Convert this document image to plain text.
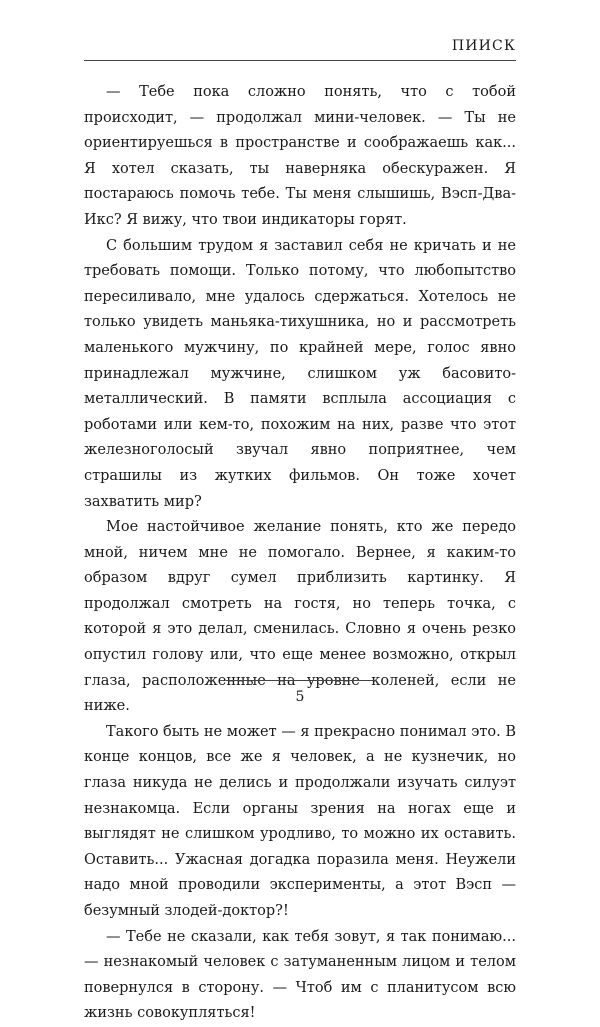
ПИИСК

— Тебе пока сложно понять, что с тобой происходит, — продолжал мини-человек. — Ты не ориентируешься в пространстве и соображаешь как... Я хотел сказать, ты наверняка обескуражен. Я постараюсь помочь тебе. Ты меня слышишь, Вэсп-Два-Икс? Я вижу, что твои индикаторы горят.

С большим трудом я заставил себя не кричать и не требовать помощи. Только потому, что любопытство пересиливало, мне удалось сдержаться. Хотелось не только увидеть маньяка-тихушника, но и рассмотреть маленького мужчину, по крайней мере, голос явно принадлежал мужчине, слишком уж басовито-металлический. В памяти всплыла ассоциация с роботами или кем-то, похожим на них, разве что этот железноголосый звучал явно поприятнее, чем страшилы из жутких фильмов. Он тоже хочет захватить мир?

Мое настойчивое желание понять, кто же передо мной, ничем мне не помогало. Вернее, я каким-то образом вдруг сумел приблизить картинку. Я продолжал смотреть на гостя, но теперь точка, с которой я это делал, сменилась. Словно я очень резко опустил голову или, что еще менее возможно, открыл глаза, расположенные на уровне коленей, если не ниже.

Такого быть не может — я прекрасно понимал это. В конце концов, все же я человек, а не кузнечик, но глаза никуда не делись и продолжали изучать силуэт незнакомца. Если органы зрения на ногах еще и выглядят не слишком уродливо, то можно их оставить. Оставить... Ужасная догадка поразила меня. Неужели надо мной проводили эксперименты, а этот Вэсп — безумный злодей-доктор?!

— Тебе не сказали, как тебя зовут, я так понимаю... — незнакомый человек с затуманенным лицом и телом повернулся в сторону. — Чтоб им с планитусом всю жизнь совокупляться!

5
